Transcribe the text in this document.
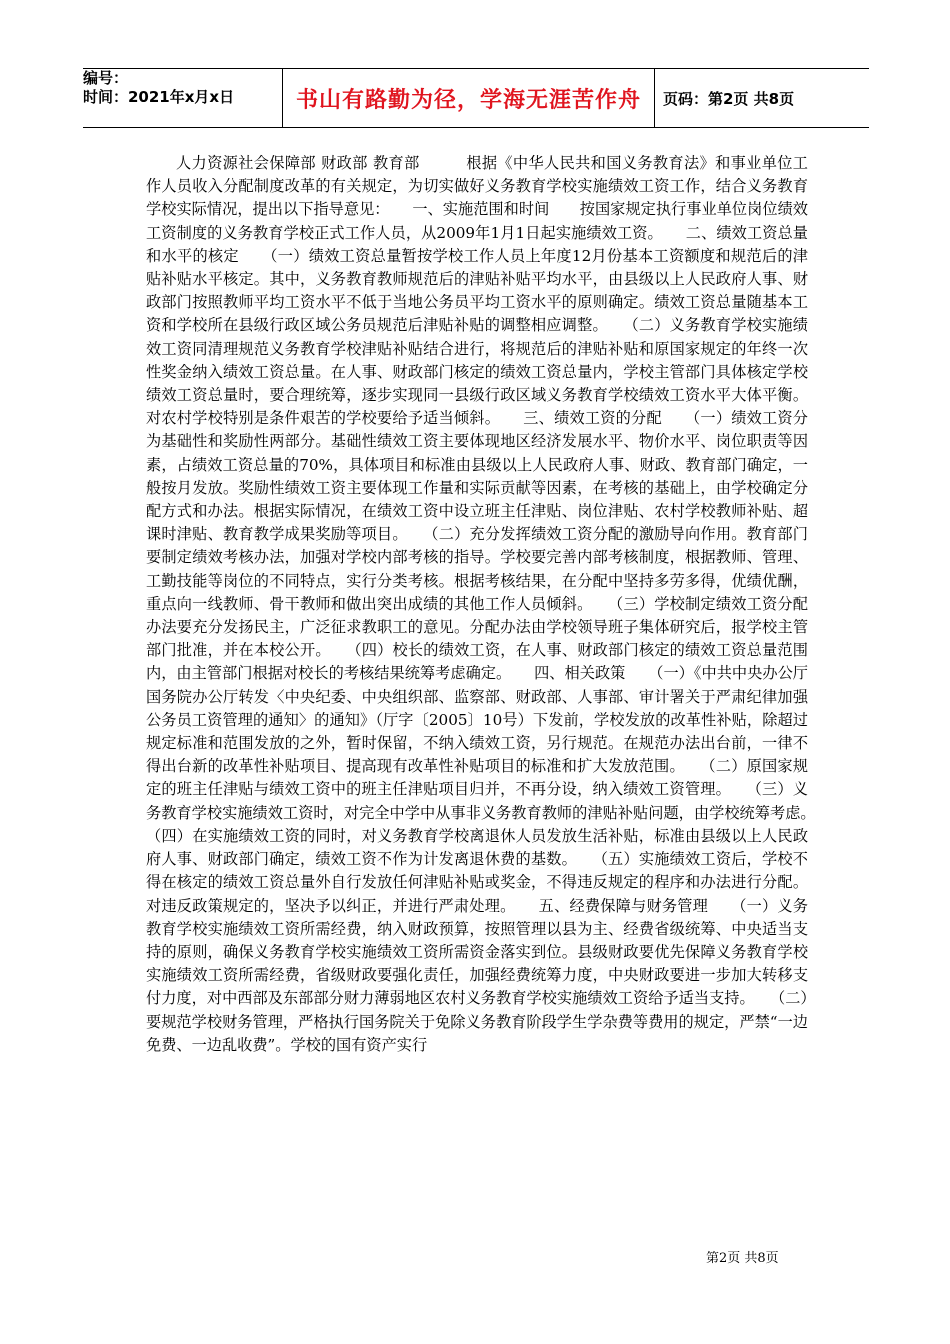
编号：
时间：2021年x月x日	书山有路勤为径，学海无涯苦作舟	页码：第2页 共8页
人力资源社会保障部 财政部 教育部　　　根据《中华人民共和国义务教育法》和事业单位工作人员收入分配制度改革的有关规定，为切实做好义务教育学校实施绩效工资工作，结合义务教育学校实际情况，提出以下指导意见：　　一、实施范围和时间　　按国家规定执行事业单位岗位绩效工资制度的义务教育学校正式工作人员，从2009年1月1日起实施绩效工资。　　二、绩效工资总量和水平的核定　　（一）绩效工资总量暂按学校工作人员上年度12月份基本工资额度和规范后的津贴补贴水平核定。其中，义务教育教师规范后的津贴补贴平均水平，由县级以上人民政府人事、财政部门按照教师平均工资水平不低于当地公务员平均工资水平的原则确定。绩效工资总量随基本工资和学校所在县级行政区域公务员规范后津贴补贴的调整相应调整。　　（二）义务教育学校实施绩效工资同清理规范义务教育学校津贴补贴结合进行，将规范后的津贴补贴和原国家规定的年终一次性奖金纳入绩效工资总量。在人事、财政部门核定的绩效工资总量内，学校主管部门具体核定学校绩效工资总量时，要合理统筹，逐步实现同一县级行政区域义务教育学校绩效工资水平大体平衡。对农村学校特别是条件艰苦的学校要给予适当倾斜。　　三、绩效工资的分配　　（一）绩效工资分为基础性和奖励性两部分。基础性绩效工资主要体现地区经济发展水平、物价水平、岗位职责等因素，占绩效工资总量的70%，具体项目和标准由县级以上人民政府人事、财政、教育部门确定，一般按月发放。奖励性绩效工资主要体现工作量和实际贡献等因素，在考核的基础上，由学校确定分配方式和办法。根据实际情况，在绩效工资中设立班主任津贴、岗位津贴、农村学校教师补贴、超课时津贴、教育教学成果奖励等项目。　　（二）充分发挥绩效工资分配的激励导向作用。教育部门要制定绩效考核办法，加强对学校内部考核的指导。学校要完善内部考核制度，根据教师、管理、工勤技能等岗位的不同特点，实行分类考核。根据考核结果，在分配中坚持多劳多得，优绩优酬，重点向一线教师、骨干教师和做出突出成绩的其他工作人员倾斜。　　（三）学校制定绩效工资分配办法要充分发扬民主，广泛征求教职工的意见。分配办法由学校领导班子集体研究后，报学校主管部门批准，并在本校公开。　　（四）校长的绩效工资，在人事、财政部门核定的绩效工资总量范围内，由主管部门根据对校长的考核结果统筹考虑确定。　　四、相关政策　　（一）《中共中央办公厅国务院办公厅转发〈中央纪委、中央组织部、监察部、财政部、人事部、审计署关于严肃纪律加强公务员工资管理的通知〉的通知》（厅字〔2005〕10号）下发前，学校发放的改革性补贴，除超过规定标准和范围发放的之外，暂时保留，不纳入绩效工资，另行规范。在规范办法出台前，一律不得出台新的改革性补贴项目、提高现有改革性补贴项目的标准和扩大发放范围。　　（二）原国家规定的班主任津贴与绩效工资中的班主任津贴项目归并，不再分设，纳入绩效工资管理。　　（三）义务教育学校实施绩效工资时，对完全中学中从事非义务教育教师的津贴补贴问题，由学校统筹考虑。　　（四）在实施绩效工资的同时，对义务教育学校离退休人员发放生活补贴，标准由县级以上人民政府人事、财政部门确定，绩效工资不作为计发离退休费的基数。　　（五）实施绩效工资后，学校不得在核定的绩效工资总量外自行发放任何津贴补贴或奖金，不得违反规定的程序和办法进行分配。对违反政策规定的，坚决予以纠正，并进行严肃处理。　　五、经费保障与财务管理　　（一）义务教育学校实施绩效工资所需经费，纳入财政预算，按照管理以县为主、经费省级统筹、中央适当支持的原则，确保义务教育学校实施绩效工资所需资金落实到位。县级财政要优先保障义务教育学校实施绩效工资所需经费，省级财政要强化责任，加强经费统筹力度，中央财政要进一步加大转移支付力度，对中西部及东部部分财力薄弱地区农村义务教育学校实施绩效工资给予适当支持。　　（二）要规范学校财务管理，严格执行国务院关于免除义务教育阶段学生学杂费等费用的规定，严禁“一边免费、一边乱收费”。学校的国有资产实行
第2页 共8页
